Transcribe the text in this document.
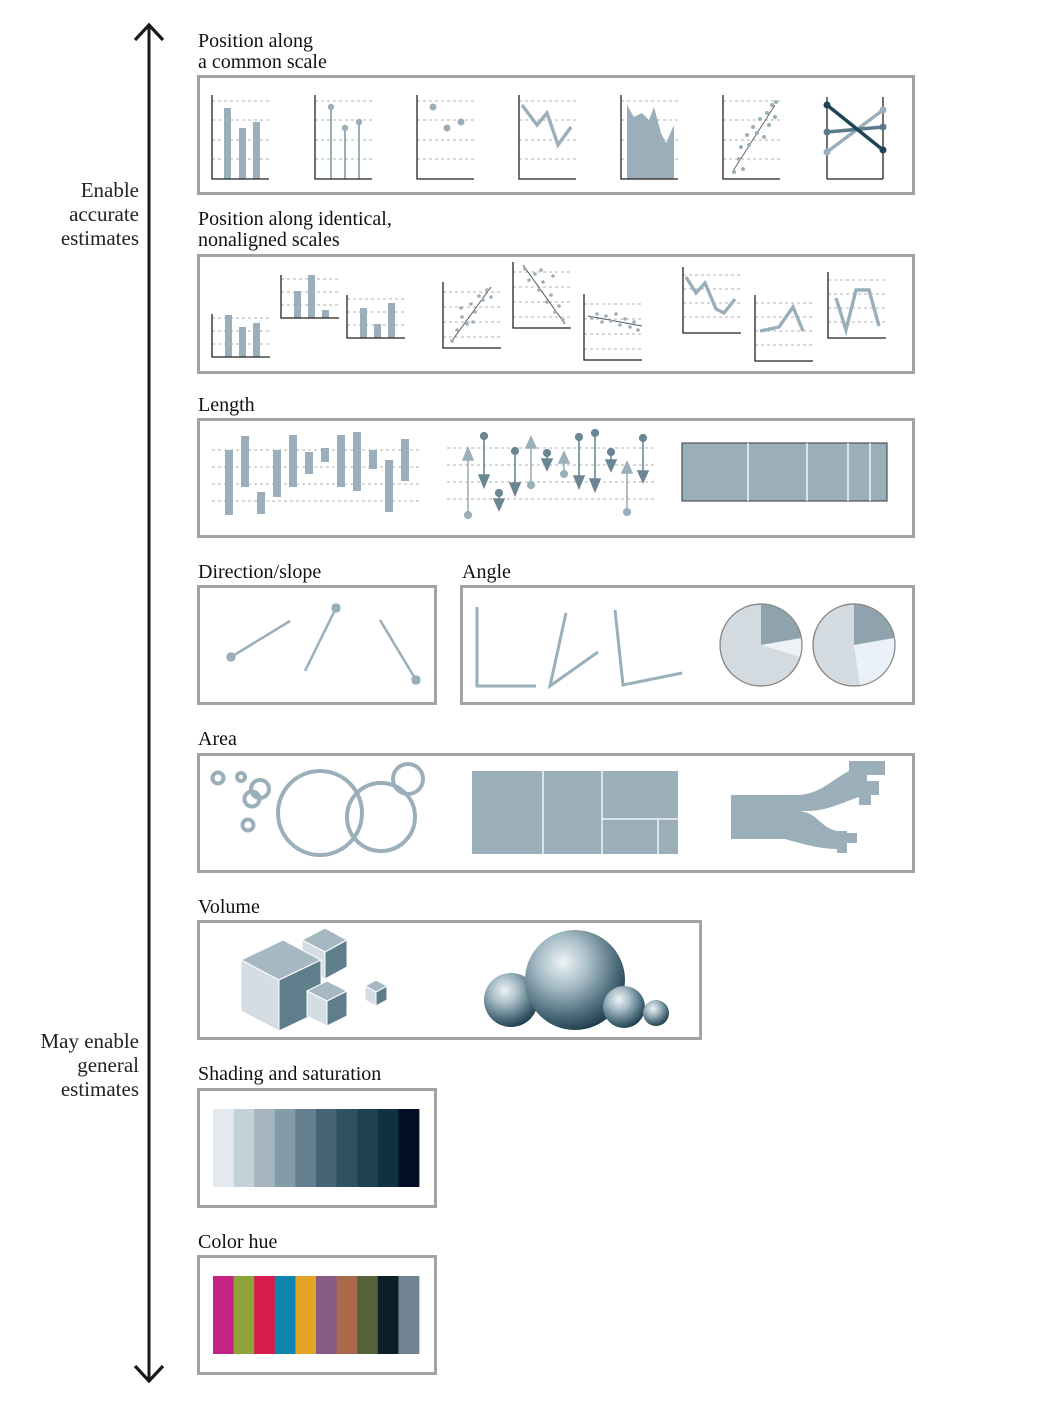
Enable
accurate
estimates
May enable
general
estimates
Position along
a common scale
Position along identical,
nonaligned scales
Length
Direction/slope	Angle
Area
Volume
Shading and saturation
Color hue
